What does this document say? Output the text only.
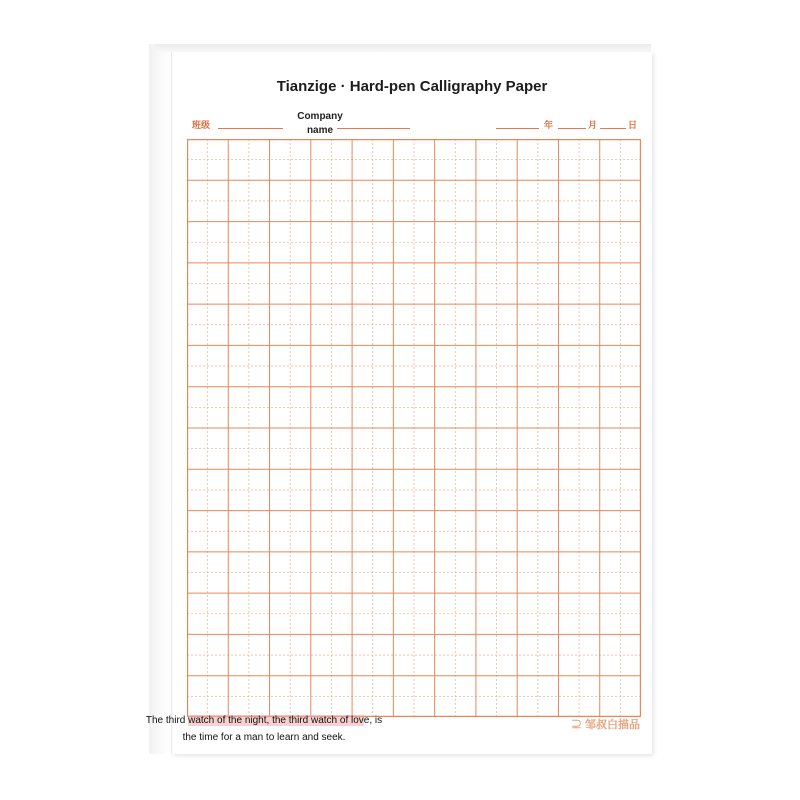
Tianzige · Hard-pen Calligraphy Paper
班级
Company name	年	月	日
⊇ 邹叔白描品
The third watch of the night, the third watch of love, is the time for a man to learn and seek.
